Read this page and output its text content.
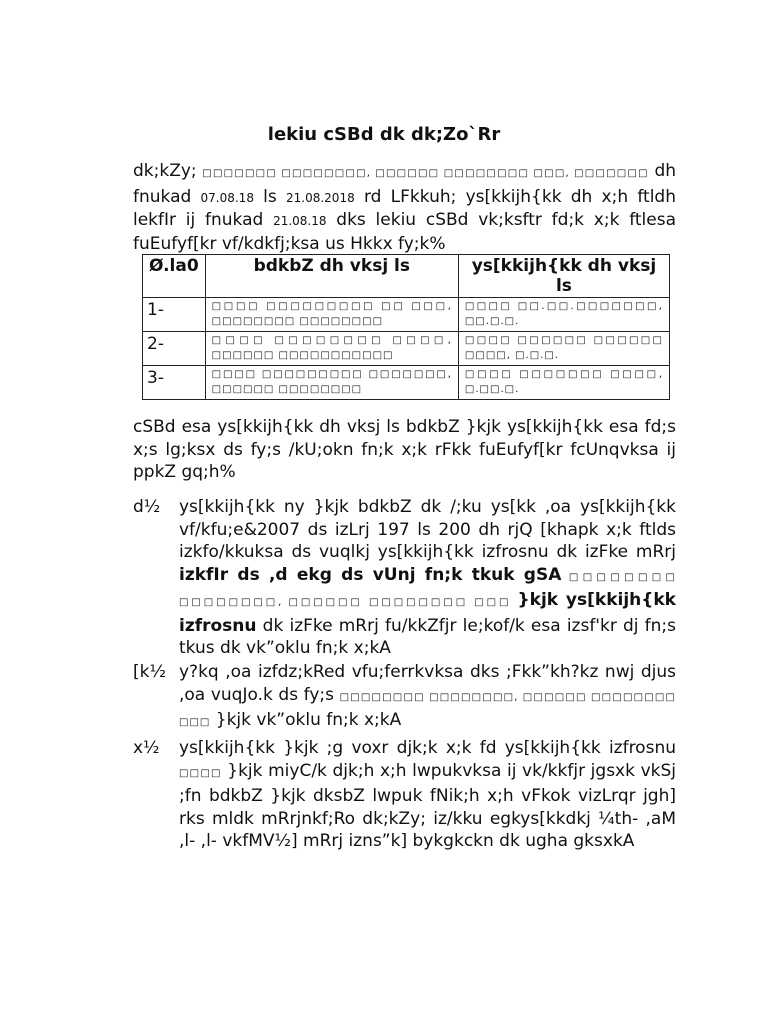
lekiu cSBd dk dk;Zo`Rr
dk;kZy; □□□□□□□ □□□□□□□□, □□□□□□ □□□□□□□□ □□□, □□□□□□□ dh fnukad 07.08.18 ls 21.08.2018 rd LFkkuh; ys[kkijh{kk dh x;h ftldh lekfIr ij fnukad 21.08.18 dks lekiu cSBd vk;ksftr fd;k x;k ftlesa fuEufyf[kr vf/kdkfj;ksa us Hkkx fy;k%
Ø.la0	bdkbZ dh vksj ls	ys[kkijh{kk dh vksj ls
1-	□□□□ □□□□□□□□□ □□ □□□, □□□□□□□□ □□□□□□□□	□□□□ □□.□□.□□□□□□□, □□.□.□.
2-	□□□□ □□□□□□□□ □□□□, □□□□□□ □□□□□□□□□□□	□□□□ □□□□□□ □□□□□□ □□□□, □.□.□.
3-	□□□□ □□□□□□□□□ □□□□□□□, □□□□□□ □□□□□□□□	□□□□ □□□□□□□ □□□□, □.□□.□.
cSBd esa ys[kkijh{kk dh vksj ls bdkbZ }kjk ys[kkijh{kk esa fd;s x;s lg;ksx ds fy;s /kU;okn fn;k x;k rFkk fuEufyf[kr fcUnqvksa ij ppkZ gq;h%
d½ ys[kkijh{kk ny }kjk bdkbZ dk /;ku ys[kk ,oa ys[kkijh{kk vf/kfu;e&2007 ds izLrj 197 ls 200 dh rjQ [khapk x;k ftlds izkfo/kkuksa ds vuqlkj ys[kkijh{kk izfrosnu dk izFke mRrj izkfIr ds ,d ekg ds vUnj fn;k tkuk gSA □□□□□□□□ □□□□□□□□, □□□□□□ □□□□□□□□ □□□ }kjk ys[kkijh{kk izfrosnu dk izFke mRrj fu/kkZfjr le;kof/k esa izsf'kr dj fn;s tkus dk vk”oklu fn;k x;kA
[k½ y?kq ,oa izfdz;kRed vfu;ferrkvksa dks ;Fkk”kh?kz nwj djus ,oa vuqJo.k ds fy;s □□□□□□□□ □□□□□□□□, □□□□□□ □□□□□□□□ □□□ }kjk vk”oklu fn;k x;kA
x½ ys[kkijh{kk }kjk ;g voxr djk;k x;k fd ys[kkijh{kk izfrosnu □□□□ }kjk miyC/k djk;h x;h lwpukvksa ij vk/kkfjr jgsxk vkSj ;fn bdkbZ }kjk dksbZ lwpuk fNik;h x;h vFkok vizLrqr jgh] rks mldk mRrjnkf;Ro dk;kZy; iz/kku egkys[kkdkj ¼th- ,aM ,l- ,l- vkfMV½] mRrj izns”k] bykgkckn dk ugha gksxkA
